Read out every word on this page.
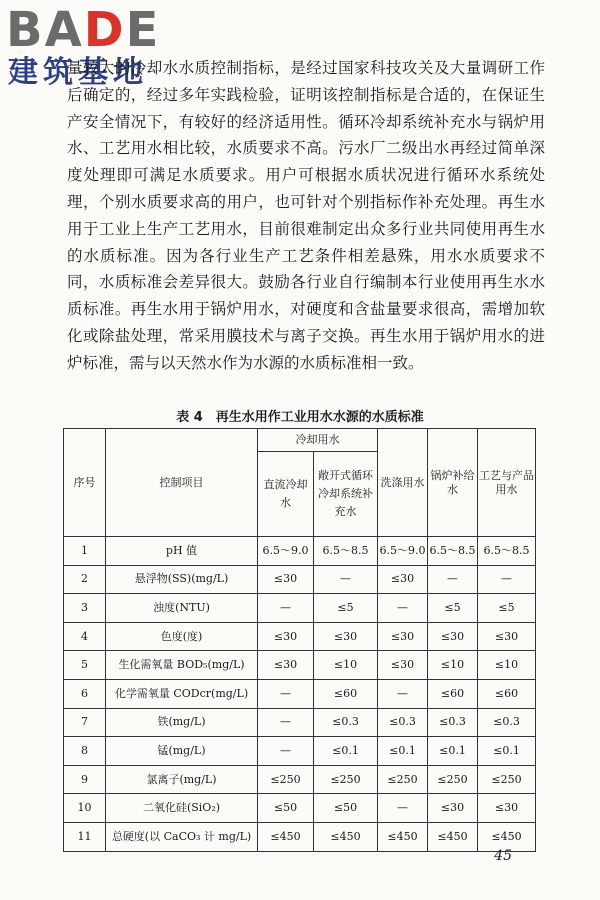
BADE
建筑基地

量较大的冷却水水质控制指标，是经过国家科技攻关及大量调研工作后确定的，经过多年实践检验，证明该控制指标是合适的，在保证生产安全情况下，有较好的经济适用性。循环冷却系统补充水与锅炉用水、工艺用水相比较，水质要求不高。污水厂二级出水再经过简单深度处理即可满足水质要求。用户可根据水质状况进行循环水系统处理，个别水质要求高的用户，也可针对个别指标作补充处理。再生水用于工业上生产工艺用水，目前很难制定出众多行业共同使用再生水的水质标准。因为各行业生产工艺条件相差悬殊，用水水质要求不同，水质标准会差异很大。鼓励各行业自行编制本行业使用再生水水质标准。再生水用于锅炉用水，对硬度和含盐量要求很高，需增加软化或除盐处理，常采用膜技术与离子交换。再生水用于锅炉用水的进炉标准，需与以天然水作为水源的水质标准相一致。

表 4　再生水用作工业用水水源的水质标准
序号	控制项目	冷却用水		洗涤用水	锅炉补给水	工艺与产品用水
		直流冷却水	敞开式循环冷却系统补充水			
1	pH 值	6.5～9.0	6.5～8.5	6.5～9.0	6.5～8.5	6.5～8.5
2	悬浮物(SS)(mg/L)	≤30	—	≤30	—	—
3	浊度(NTU)	—	≤5	—	≤5	≤5
4	色度(度)	≤30	≤30	≤30	≤30	≤30
5	生化需氧量 BOD₅(mg/L)	≤30	≤10	≤30	≤10	≤10
6	化学需氧量 CODcr(mg/L)	—	≤60	—	≤60	≤60
7	铁(mg/L)	—	≤0.3	≤0.3	≤0.3	≤0.3
8	锰(mg/L)	—	≤0.1	≤0.1	≤0.1	≤0.1
9	氯离子(mg/L)	≤250	≤250	≤250	≤250	≤250
10	二氧化硅(SiO₂)	≤50	≤50	—	≤30	≤30
11	总硬度(以 CaCO₃ 计 mg/L)	≤450	≤450	≤450	≤450	≤450
45
